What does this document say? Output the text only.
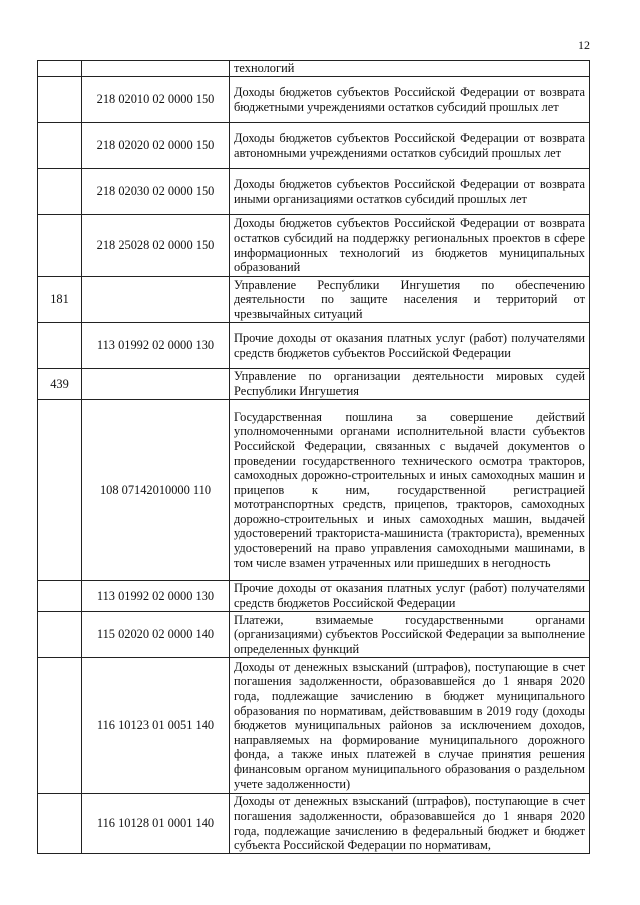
12
		технологий
	218 02010 02 0000 150	Доходы бюджетов субъектов Российской Федерации от возврата бюджетными учреждениями остатков субсидий прошлых лет
	218 02020 02 0000 150	Доходы бюджетов субъектов Российской Федерации от возврата автономными учреждениями остатков субсидий прошлых лет
	218 02030 02 0000 150	Доходы бюджетов субъектов Российской Федерации от возврата иными организациями остатков субсидий прошлых лет
	218 25028 02 0000 150	Доходы бюджетов субъектов Российской Федерации от возврата остатков субсидий на поддержку региональных проектов в сфере информационных технологий из бюджетов муниципальных образований
181		Управление Республики Ингушетия по обеспечению деятельности по защите населения и территорий от чрезвычайных ситуаций
	113 01992 02 0000 130	Прочие доходы от оказания платных услуг (работ) получателями средств бюджетов субъектов Российской Федерации
439		Управление по организации деятельности мировых судей Республики Ингушетия
	108 07142010000 110	Государственная пошлина за совершение действий уполномоченными органами исполнительной власти субъектов Российской Федерации, связанных с выдачей документов о проведении государственного технического осмотра тракторов, самоходных дорожно-строительных и иных самоходных машин и прицепов к ним, государственной регистрацией мототранспортных средств, прицепов, тракторов, самоходных дорожно-строительных и иных самоходных машин, выдачей удостоверений тракториста-машиниста (тракториста), временных удостоверений на право управления самоходными машинами, в том числе взамен утраченных или пришедших в негодность
	113 01992 02 0000 130	Прочие доходы от оказания платных услуг (работ) получателями средств бюджетов Российской Федерации
	115 02020 02 0000 140	Платежи, взимаемые государственными органами (организациями) субъектов Российской Федерации за выполнение определенных функций
	116 10123 01 0051 140	Доходы от денежных взысканий (штрафов), поступающие в счет погашения задолженности, образовавшейся до 1 января 2020 года, подлежащие зачислению в бюджет муниципального образования по нормативам, действовавшим в 2019 году (доходы бюджетов муниципальных районов за исключением доходов, направляемых на формирование муниципального дорожного фонда, а также иных платежей в случае принятия решения финансовым органом муниципального образования о раздельном учете задолженности)
	116 10128 01 0001 140	Доходы от денежных взысканий (штрафов), поступающие в счет погашения задолженности, образовавшейся до 1 января 2020 года, подлежащие зачислению в федеральный бюджет и бюджет субъекта Российской Федерации по нормативам,
